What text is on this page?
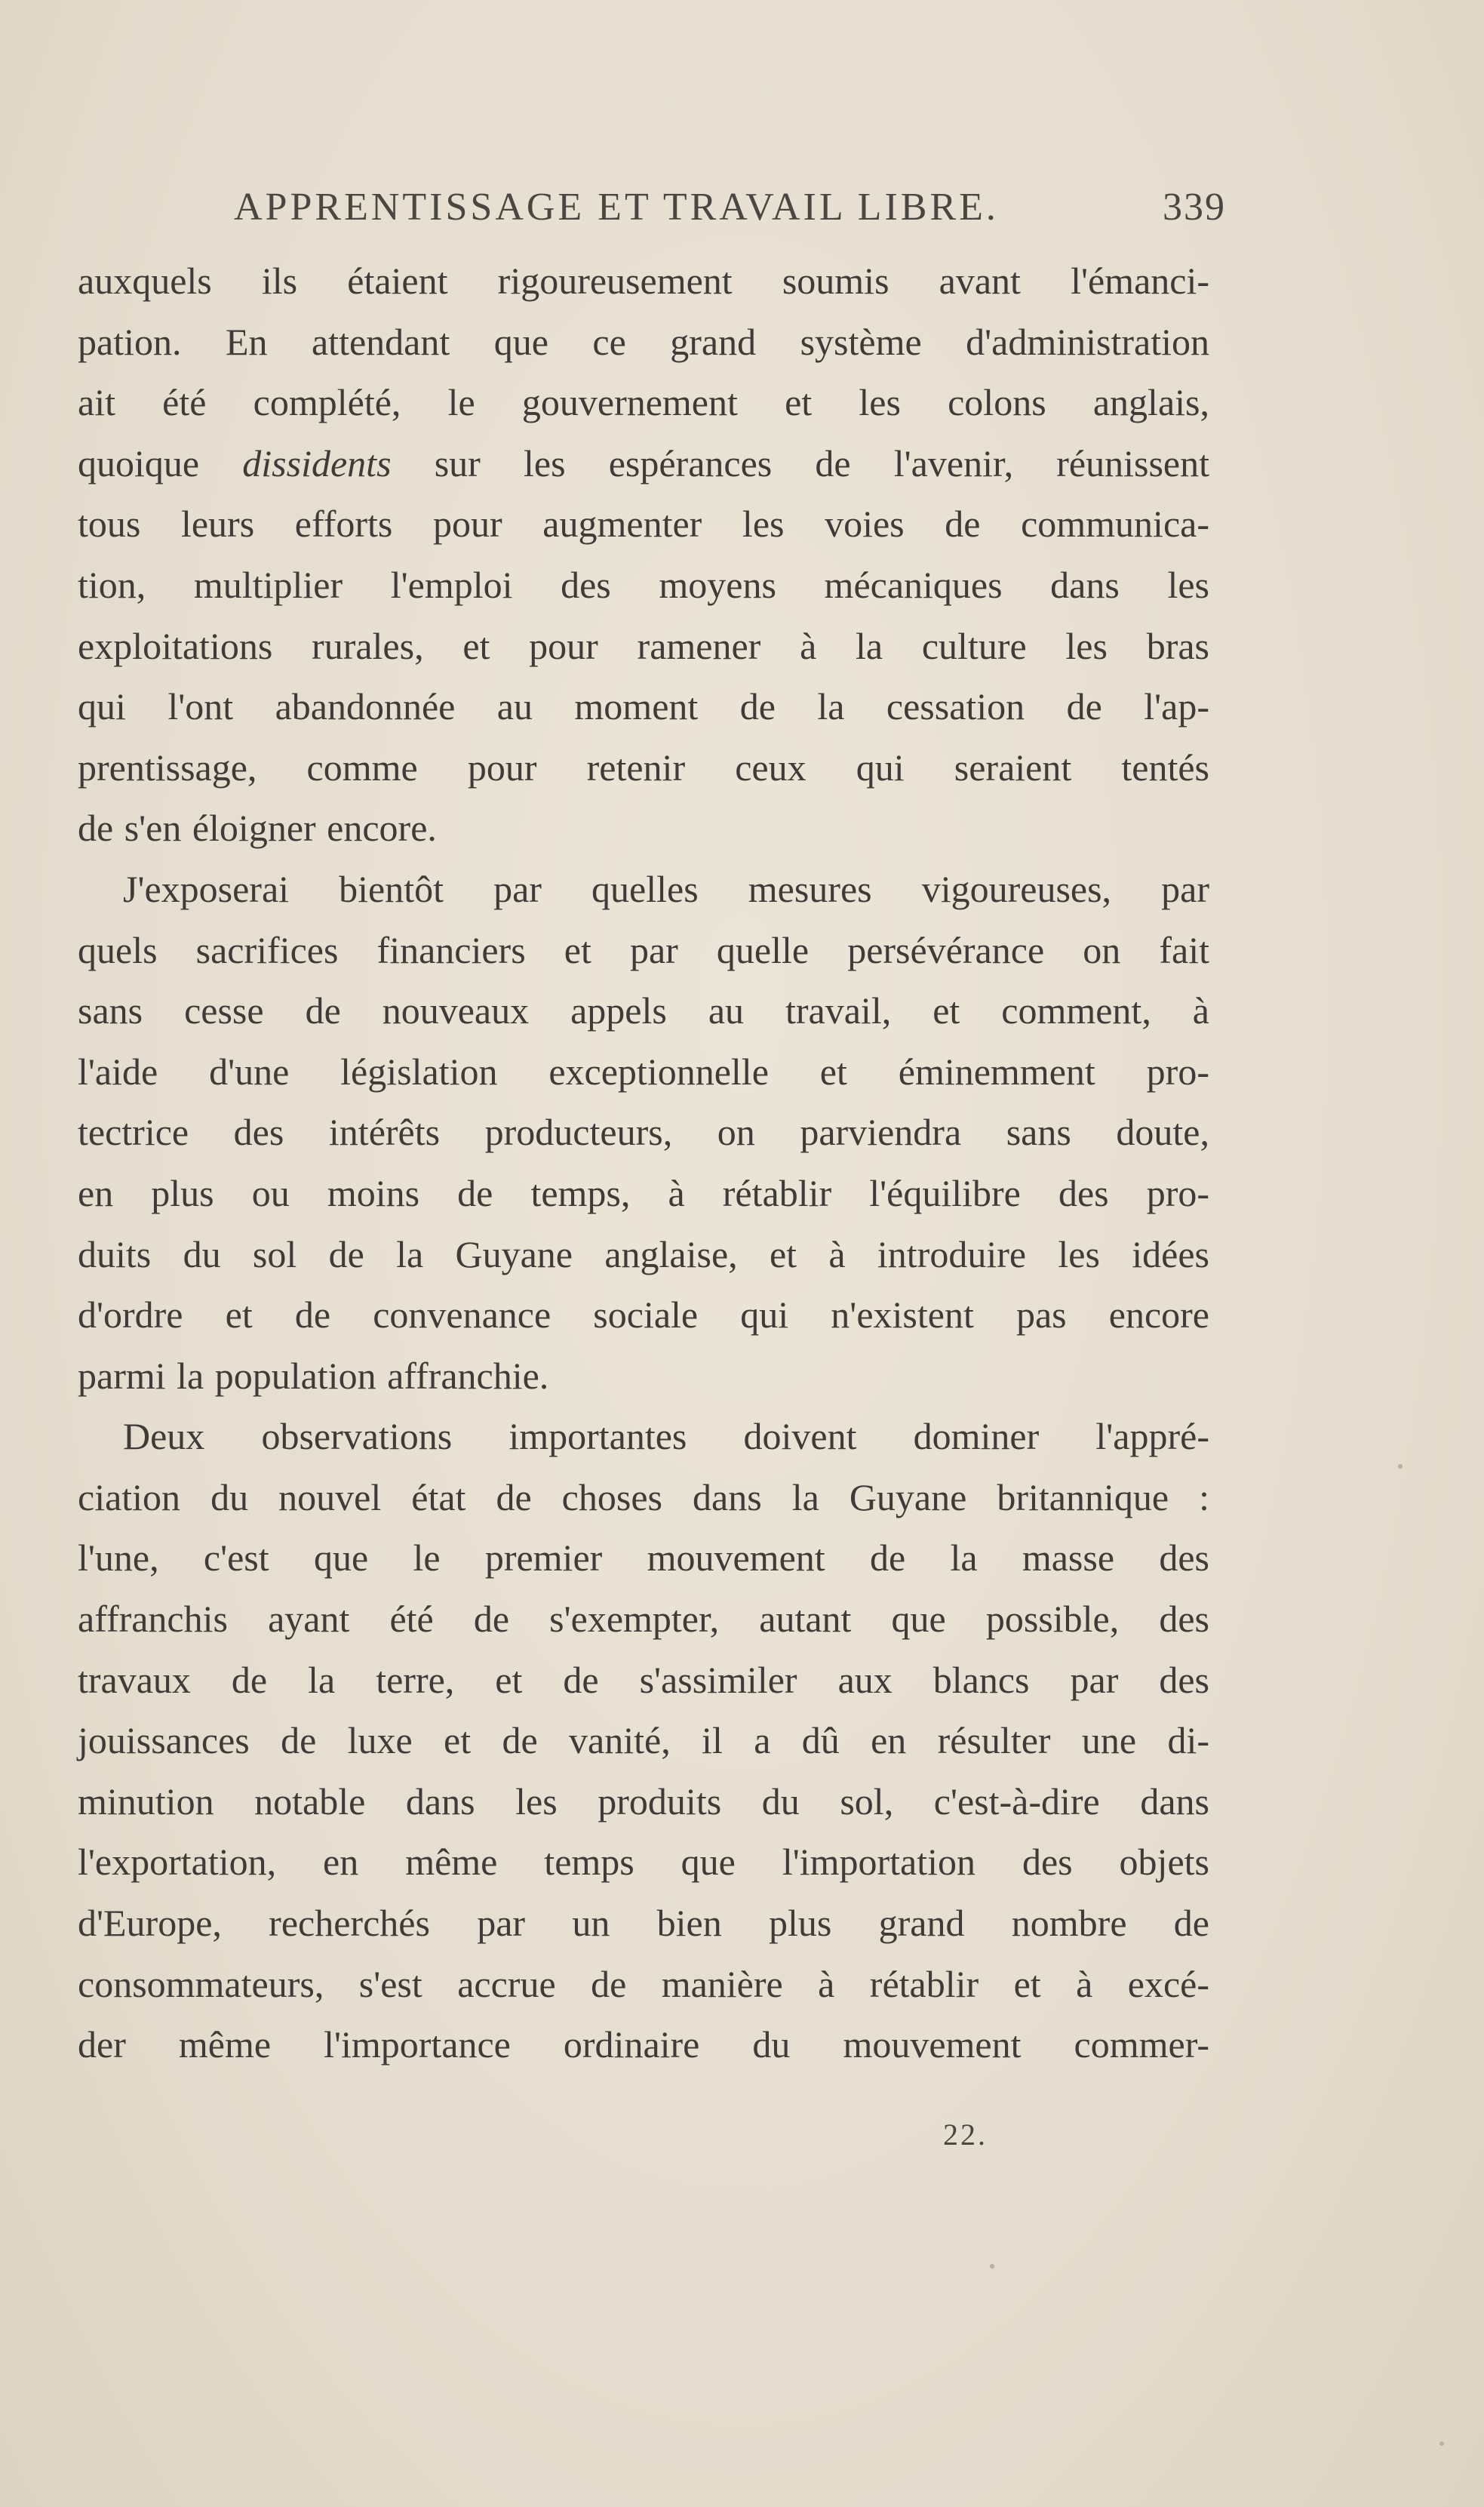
APPRENTISSAGE ET TRAVAIL LIBRE.	339
auxquels ils étaient rigoureusement soumis avant l'émanci-
pation. En attendant que ce grand système d'administration
ait été complété, le gouvernement et les colons anglais,
quoique dissidents sur les espérances de l'avenir, réunissent
tous leurs efforts pour augmenter les voies de communica-
tion, multiplier l'emploi des moyens mécaniques dans les
exploitations rurales, et pour ramener à la culture les bras
qui l'ont abandonnée au moment de la cessation de l'ap-
prentissage, comme pour retenir ceux qui seraient tentés
de s'en éloigner encore.
J'exposerai bientôt par quelles mesures vigoureuses, par
quels sacrifices financiers et par quelle persévérance on fait
sans cesse de nouveaux appels au travail, et comment, à
l'aide d'une législation exceptionnelle et éminemment pro-
tectrice des intérêts producteurs, on parviendra sans doute,
en plus ou moins de temps, à rétablir l'équilibre des pro-
duits du sol de la Guyane anglaise, et à introduire les idées
d'ordre et de convenance sociale qui n'existent pas encore
parmi la population affranchie.
Deux observations importantes doivent dominer l'appré-
ciation du nouvel état de choses dans la Guyane britannique :
l'une, c'est que le premier mouvement de la masse des
affranchis ayant été de s'exempter, autant que possible, des
travaux de la terre, et de s'assimiler aux blancs par des
jouissances de luxe et de vanité, il a dû en résulter une di-
minution notable dans les produits du sol, c'est-à-dire dans
l'exportation, en même temps que l'importation des objets
d'Europe, recherchés par un bien plus grand nombre de
consommateurs, s'est accrue de manière à rétablir et à excé-
der même l'importance ordinaire du mouvement commer-
22.
